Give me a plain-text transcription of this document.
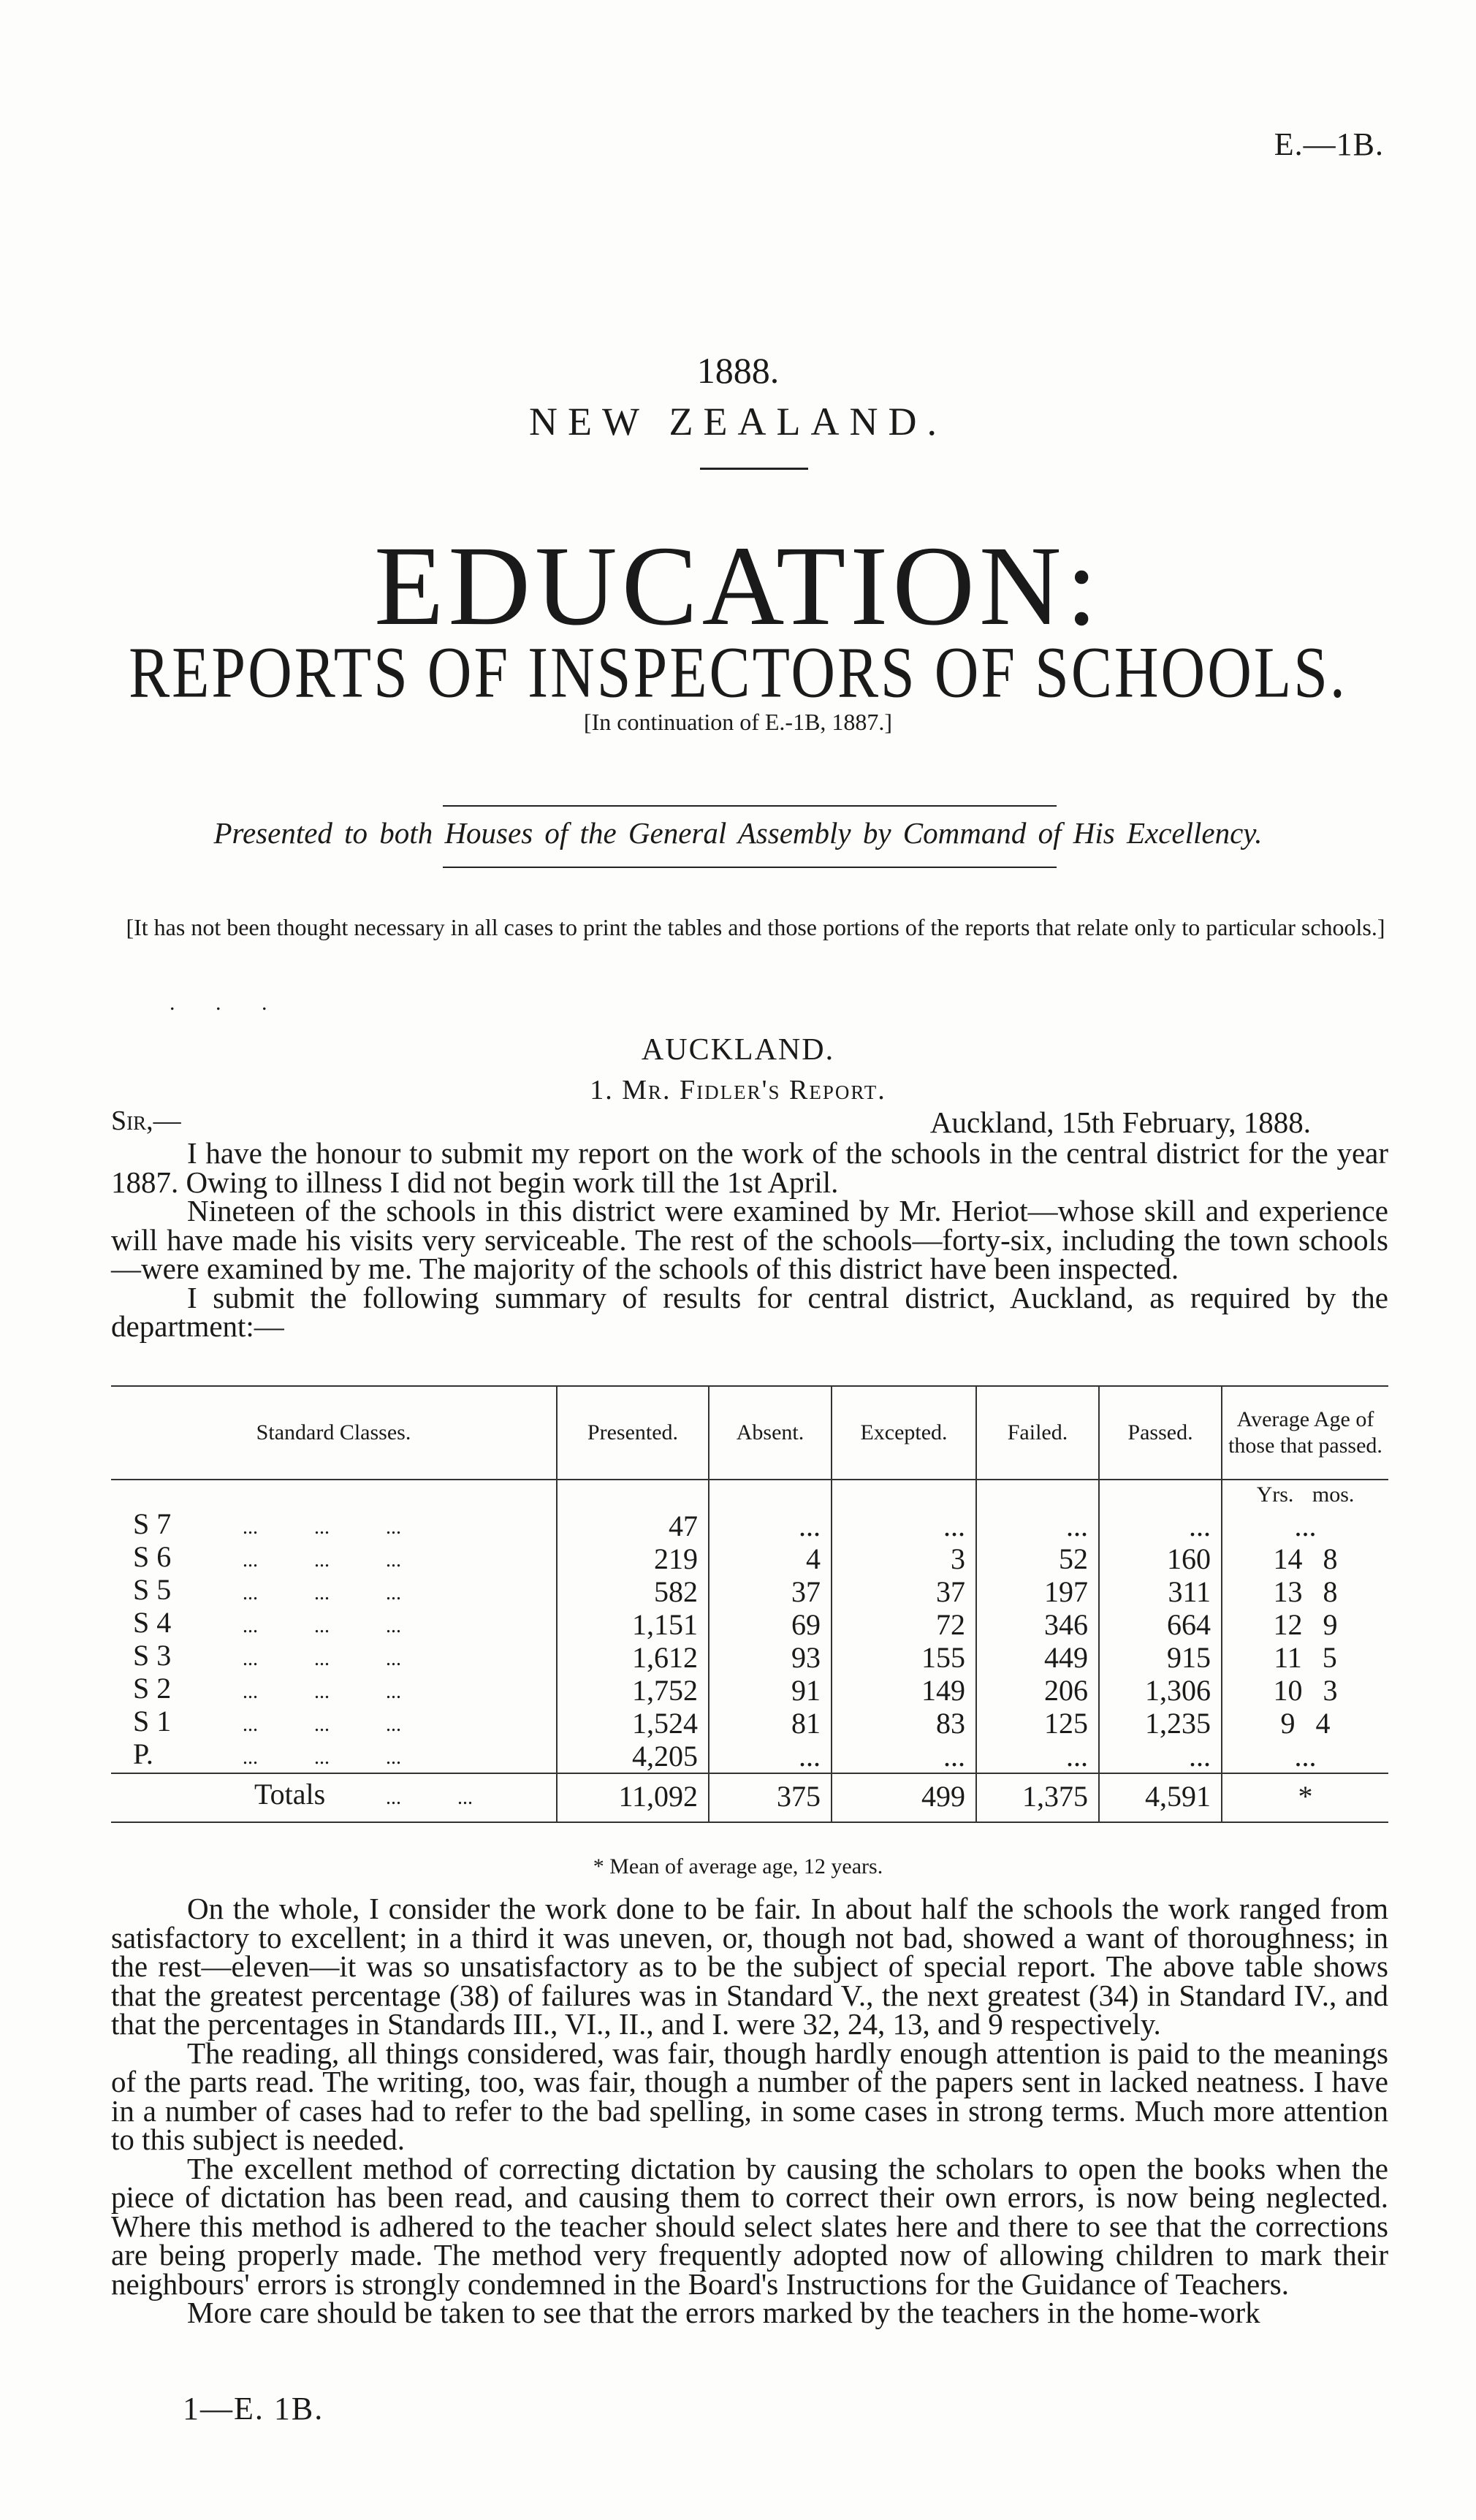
E.—1B.
1888.
NEW ZEALAND.
EDUCATION:
REPORTS OF INSPECTORS OF SCHOOLS.
[In continuation of E.-1B, 1887.]
Presented to both Houses of the General Assembly by Command of His Excellency.
[It has not been thought necessary in all cases to print the tables and those portions of the reports that relate only to particular schools.]
. . .
AUCKLAND.
1. Mr. Fidler's Report.
Sir,—	Auckland, 15th February, 1888.

I have the honour to submit my report on the work of the schools in the central district for the year 1887. Owing to illness I did not begin work till the 1st April.

Nineteen of the schools in this district were examined by Mr. Heriot—whose skill and experience will have made his visits very serviceable. The rest of the schools—forty-six, including the town schools—were examined by me. The majority of the schools of this district have been inspected.

I submit the following summary of results for central district, Auckland, as required by the department:—

Standard Classes.	Presented.	Absent.	Excepted.	Failed.	Passed.	Average Age of those that passed.
						Yrs. mos.
S 7 ... ... ...	47	...	...	...	...	...
S 6 ... ... ...	219	4	3	52	160	14 8
S 5 ... ... ...	582	37	37	197	311	13 8
S 4 ... ... ...	1,151	69	72	346	664	12 9
S 3 ... ... ...	1,612	93	155	449	915	11 5
S 2 ... ... ...	1,752	91	149	206	1,306	10 3
S 1 ... ... ...	1,524	81	83	125	1,235	9 4
P. ... ... ...	4,205	...	...	...	...	...
Totals ... ...	11,092	375	499	1,375	4,591	*
* Mean of average age, 12 years.

On the whole, I consider the work done to be fair. In about half the schools the work ranged from satisfactory to excellent; in a third it was uneven, or, though not bad, showed a want of thoroughness; in the rest—eleven—it was so unsatisfactory as to be the subject of special report. The above table shows that the greatest percentage (38) of failures was in Standard V., the next greatest (34) in Standard IV., and that the percentages in Standards III., VI., II., and I. were 32, 24, 13, and 9 respectively.

The reading, all things considered, was fair, though hardly enough attention is paid to the meanings of the parts read. The writing, too, was fair, though a number of the papers sent in lacked neatness. I have in a number of cases had to refer to the bad spelling, in some cases in strong terms. Much more attention to this subject is needed.

The excellent method of correcting dictation by causing the scholars to open the books when the piece of dictation has been read, and causing them to correct their own errors, is now being neglected. Where this method is adhered to the teacher should select slates here and there to see that the corrections are being properly made. The method very frequently adopted now of allowing children to mark their neighbours' errors is strongly condemned in the Board's Instructions for the Guidance of Teachers.

More care should be taken to see that the errors marked by the teachers in the home-work

1—E. 1B.
